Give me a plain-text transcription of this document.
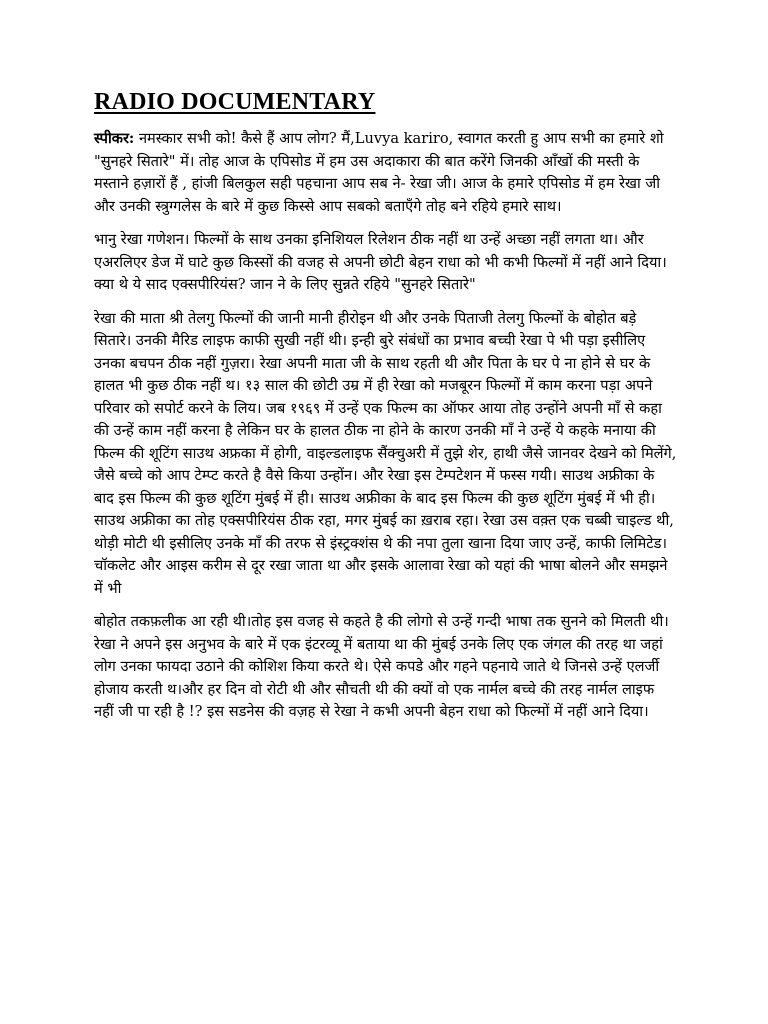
RADIO DOCUMENTARY

स्पीकर: नमस्कार सभी को! कैसे हैं आप लोग? मैं,Luvya kariro, स्वागत करती हु आप सभी का हमारे शो "सुनहरे सितारे" में। तोह आज के एपिसोड में हम उस अदाकारा की बात करेंगे जिनकी आँखों की मस्ती के मस्ताने हज़ारों हैं , हांजी बिलकुल सही पहचाना आप सब ने- रेखा जी। आज के हमारे एपिसोड में हम रेखा जी और उनकी स्त्रुग्गलेस के बारे में कुछ किस्से आप सबको बताएँगे तोह बने रहिये हमारे साथ।

भानु रेखा गणेशन। फिल्मों के साथ उनका इनिशियल रिलेशन ठीक नहीं था उन्हें अच्छा नहीं लगता था। और एअरलिएर डेज में घाटे कुछ किस्सों की वजह से अपनी छोटी बेहन राधा को भी कभी फिल्मों में नहीं आने दिया। क्या थे ये साद एक्सपीरियंस? जान ने के लिए सुन्नते रहिये "सुनहरे सितारे"

रेखा की माता श्री तेलगु फिल्मों की जानी मानी हीरोइन थी और उनके पिताजी तेलगु फिल्मों के बोहोत बड़े सितारे। उनकी मैरिड लाइफ काफी सुखी नहीं थी। इन्ही बुरे संबंधों का प्रभाव बच्ची रेखा पे भी पड़ा इसीलिए उनका बचपन ठीक नहीं गुज़रा। रेखा अपनी माता जी के साथ रहती थी और पिता के घर पे ना होने से घर के हालत भी कुछ ठीक नहीं थ। १३ साल की छोटी उम्र में ही रेखा को मजबूरन फिल्मों में काम करना पड़ा अपने परिवार को सपोर्ट करने के लिय। जब १९६९ में उन्हें एक फिल्म का ऑफर आया तोह उन्होंने अपनी माँ से कहा की उन्हें काम नहीं करना है लेकिन घर के हालत ठीक ना होने के कारण उनकी माँ ने उन्हें ये कहके मनाया की फिल्म की शूटिंग साउथ अफ्रका में होगी, वाइल्डलाइफ सैंक्चुअरी में तुझे शेर, हाथी जैसे जानवर देखने को मिलेंगे, जैसे बच्चे को आप टेम्प्ट करते है वैसे किया उन्होंन। और रेखा इस टेम्पटेशन में फस्स गयी। साउथ अफ्रीका के बाद इस फिल्म की कुछ शूटिंग मुंबई में ही। साउथ अफ्रीका के बाद इस फिल्म की कुछ शूटिंग मुंबई में भी ही। साउथ अफ्रीका का तोह एक्सपीरियंस ठीक रहा, मगर मुंबई का ख़राब रहा। रेखा उस वक़्त एक चब्बी चाइल्ड थी, थोड़ी मोटी थी इसीलिए उनके माँ की तरफ से इंस्ट्रक्शंस थे की नपा तुला खाना दिया जाए उन्हें, काफी लिमिटेड। चॉकलेट और आइस करीम से दूर रखा जाता था और इसके आलावा रेखा को यहां की भाषा बोलने और समझने में भी

बोहोत तकफ़लीक आ रही थी।तोह इस वजह से कहते है की लोगो से उन्हें गन्दी भाषा तक सुनने को मिलती थी। रेखा ने अपने इस अनुभव के बारे में एक इंटरव्यू में बताया था की मुंबई उनके लिए एक जंगल की तरह था जहां लोग उनका फायदा उठाने की कोशिश किया करते थे। ऐसे कपडे और गहने पहनाये जाते थे जिनसे उन्हें एलर्जी होजाय करती थ।और हर दिन वो रोटी थी और सौचती थी की क्यों वो एक नार्मल बच्चे की तरह नार्मल लाइफ नहीं जी पा रही है !? इस सडनेस की वज़ह से रेखा ने कभी अपनी बेहन राधा को फिल्मों में नहीं आने दिया।
